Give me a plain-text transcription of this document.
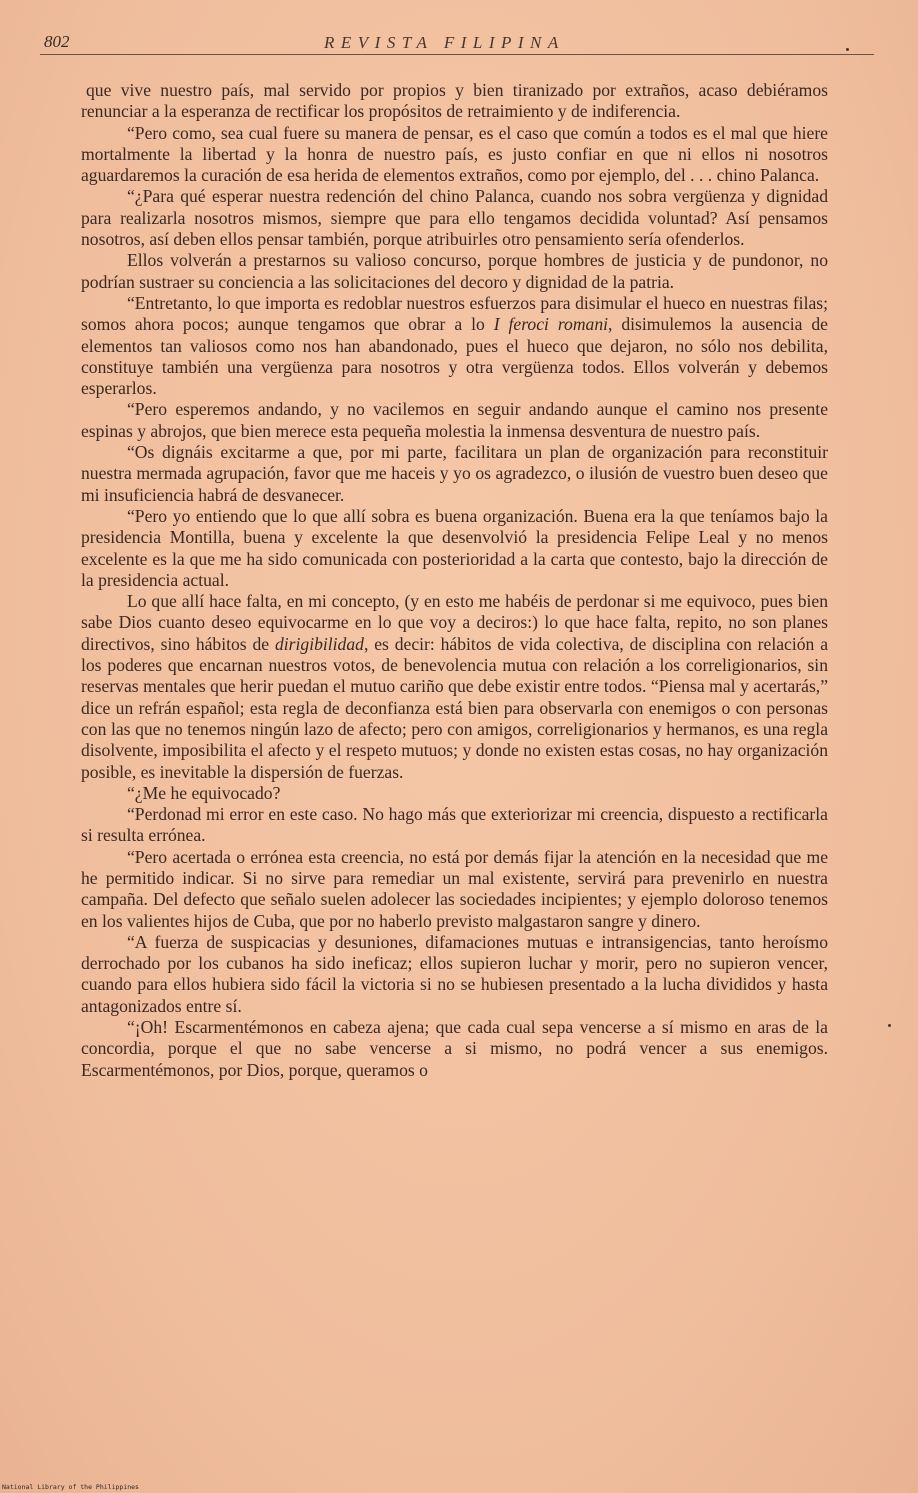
802	REVISTA FILIPINA

que vive nuestro país, mal servido por propios y bien tiranizado por extraños, acaso debiéramos renunciar a la esperanza de rectificar los propósitos de retraimiento y de indiferencia.

“Pero como, sea cual fuere su manera de pensar, es el caso que común a todos es el mal que hiere mortalmente la libertad y la honra de nuestro país, es justo confiar en que ni ellos ni nosotros aguardaremos la curación de esa herida de elementos extraños, como por ejemplo, del . . . chino Palanca.

“¿Para qué esperar nuestra redención del chino Palanca, cuando nos sobra vergüenza y dignidad para realizarla nosotros mismos, siempre que para ello tengamos decidida voluntad? Así pensamos nosotros, así deben ellos pensar también, porque atribuirles otro pensamiento sería ofenderlos.

Ellos volverán a prestarnos su valioso concurso, porque hombres de justicia y de pundonor, no podrían sustraer su conciencia a las solicitaciones del decoro y dignidad de la patria.

“Entretanto, lo que importa es redoblar nuestros esfuerzos para disimular el hueco en nuestras filas; somos ahora pocos; aunque tengamos que obrar a lo I feroci romani, disimulemos la ausencia de elementos tan valiosos como nos han abandonado, pues el hueco que dejaron, no sólo nos debilita, constituye también una vergüenza para nosotros y otra vergüenza todos. Ellos volverán y debemos esperarlos.

“Pero esperemos andando, y no vacilemos en seguir andando aunque el camino nos presente espinas y abrojos, que bien merece esta pequeña molestia la inmensa desventura de nuestro país.

“Os dignáis excitarme a que, por mi parte, facilitara un plan de organización para reconstituir nuestra mermada agrupación, favor que me haceis y yo os agradezco, o ilusión de vuestro buen deseo que mi insuficiencia habrá de desvanecer.

“Pero yo entiendo que lo que allí sobra es buena organización. Buena era la que teníamos bajo la presidencia Montilla, buena y excelente la que desenvolvió la presidencia Felipe Leal y no menos excelente es la que me ha sido comunicada con posterioridad a la carta que contesto, bajo la dirección de la presidencia actual.

Lo que allí hace falta, en mi concepto, (y en esto me habéis de perdonar si me equivoco, pues bien sabe Dios cuanto deseo equivocarme en lo que voy a deciros:) lo que hace falta, repito, no son planes directivos, sino hábitos de dirigibilidad, es decir: hábitos de vida colectiva, de disciplina con relación a los poderes que encarnan nuestros votos, de benevolencia mutua con relación a los correligionarios, sin reservas mentales que herir puedan el mutuo cariño que debe existir entre todos. “Piensa mal y acertarás,” dice un refrán español; esta regla de deconfianza está bien para observarla con enemigos o con personas con las que no tenemos ningún lazo de afecto; pero con amigos, correligionarios y hermanos, es una regla disolvente, imposibilita el afecto y el respeto mutuos; y donde no existen estas cosas, no hay organización posible, es inevitable la dispersión de fuerzas.

“¿Me he equivocado?

“Perdonad mi error en este caso. No hago más que exteriorizar mi creencia, dispuesto a rectificarla si resulta errónea.

“Pero acertada o errónea esta creencia, no está por demás fijar la atención en la necesidad que me he permitido indicar. Si no sirve para remediar un mal existente, servirá para prevenirlo en nuestra campaña. Del defecto que señalo suelen adolecer las sociedades incipientes; y ejemplo doloroso tenemos en los valientes hijos de Cuba, que por no haberlo previsto malgastaron sangre y dinero.

“A fuerza de suspicacias y desuniones, difamaciones mutuas e intransigencias, tanto heroísmo derrochado por los cubanos ha sido ineficaz; ellos supieron luchar y morir, pero no supieron vencer, cuando para ellos hubiera sido fácil la victoria si no se hubiesen presentado a la lucha divididos y hasta antagonizados entre sí.

“¡Oh! Escarmentémonos en cabeza ajena; que cada cual sepa vencerse a sí mismo en aras de la concordia, porque el que no sabe vencerse a si mismo, no podrá vencer a sus enemigos. Escarmentémonos, por Dios, porque, queramos o

National Library of the Philippines
